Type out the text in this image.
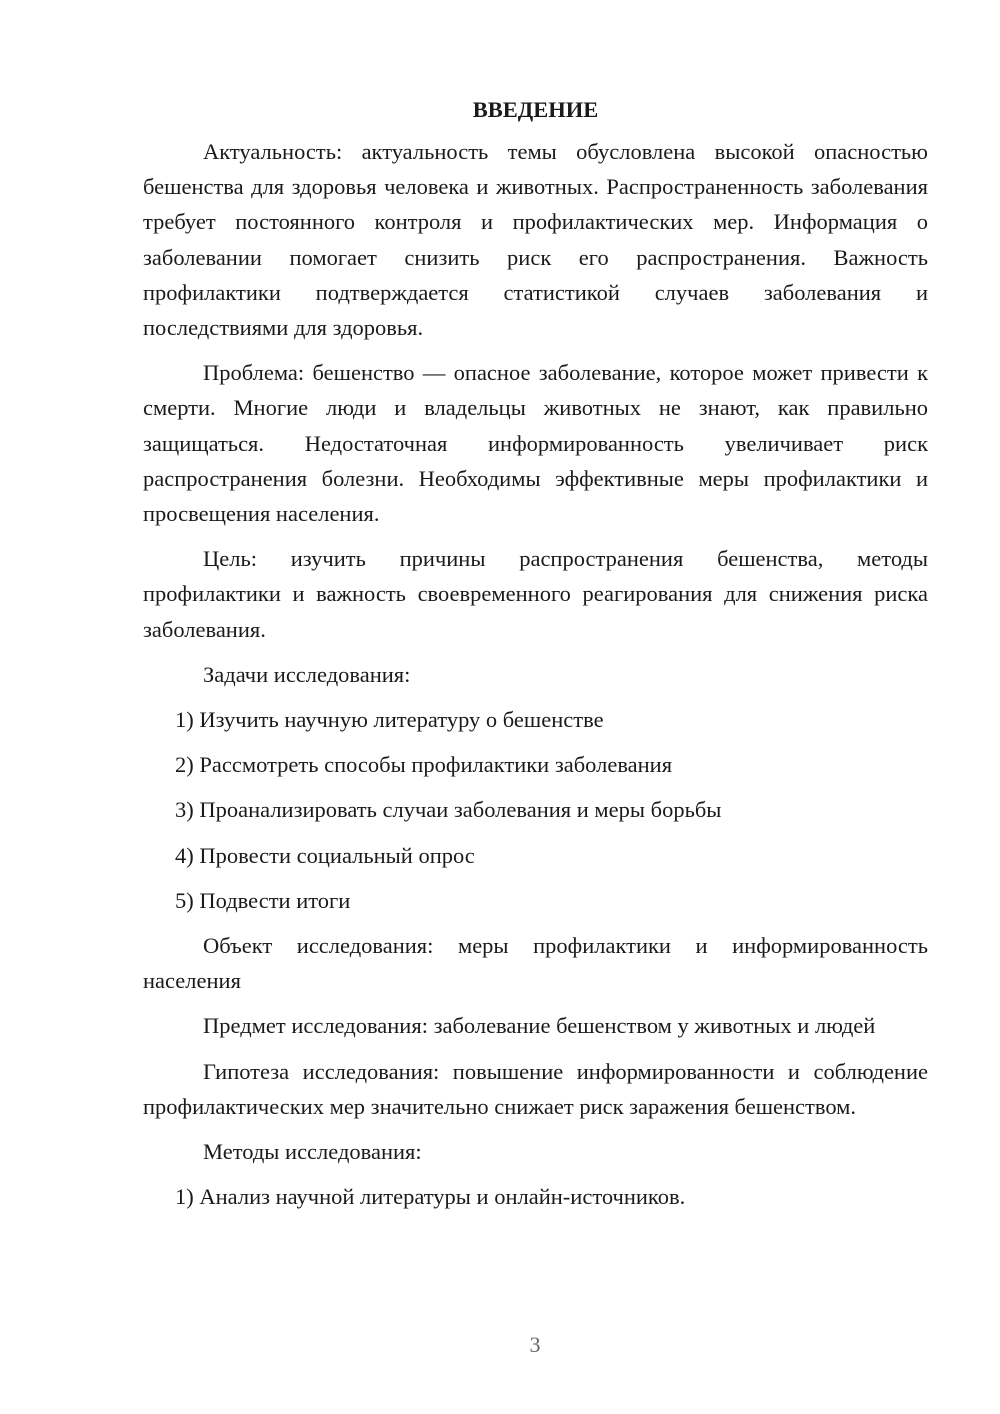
ВВЕДЕНИЕ

Актуальность: актуальность темы обусловлена высокой опасностью бешенства для здоровья человека и животных. Распространенность заболевания требует постоянного контроля и профилактических мер. Информация о заболевании помогает снизить риск его распространения. Важность профилактики подтверждается статистикой случаев заболевания и последствиями для здоровья.

Проблема: бешенство — опасное заболевание, которое может привести к смерти. Многие люди и владельцы животных не знают, как правильно защищаться. Недостаточная информированность увеличивает риск распространения болезни. Необходимы эффективные меры профилактики и просвещения населения.

Цель: изучить причины распространения бешенства, методы профилактики и важность своевременного реагирования для снижения риска заболевания.

Задачи исследования:

1) Изучить научную литературу о бешенстве

2) Рассмотреть способы профилактики заболевания

3) Проанализировать случаи заболевания и меры борьбы

4) Провести социальный опрос

5) Подвести итоги

Объект исследования: меры профилактики и информированность населения

Предмет исследования: заболевание бешенством у животных и людей

Гипотеза исследования: повышение информированности и соблюдение профилактических мер значительно снижает риск заражения бешенством.

Методы исследования:

1) Анализ научной литературы и онлайн-источников.

3
